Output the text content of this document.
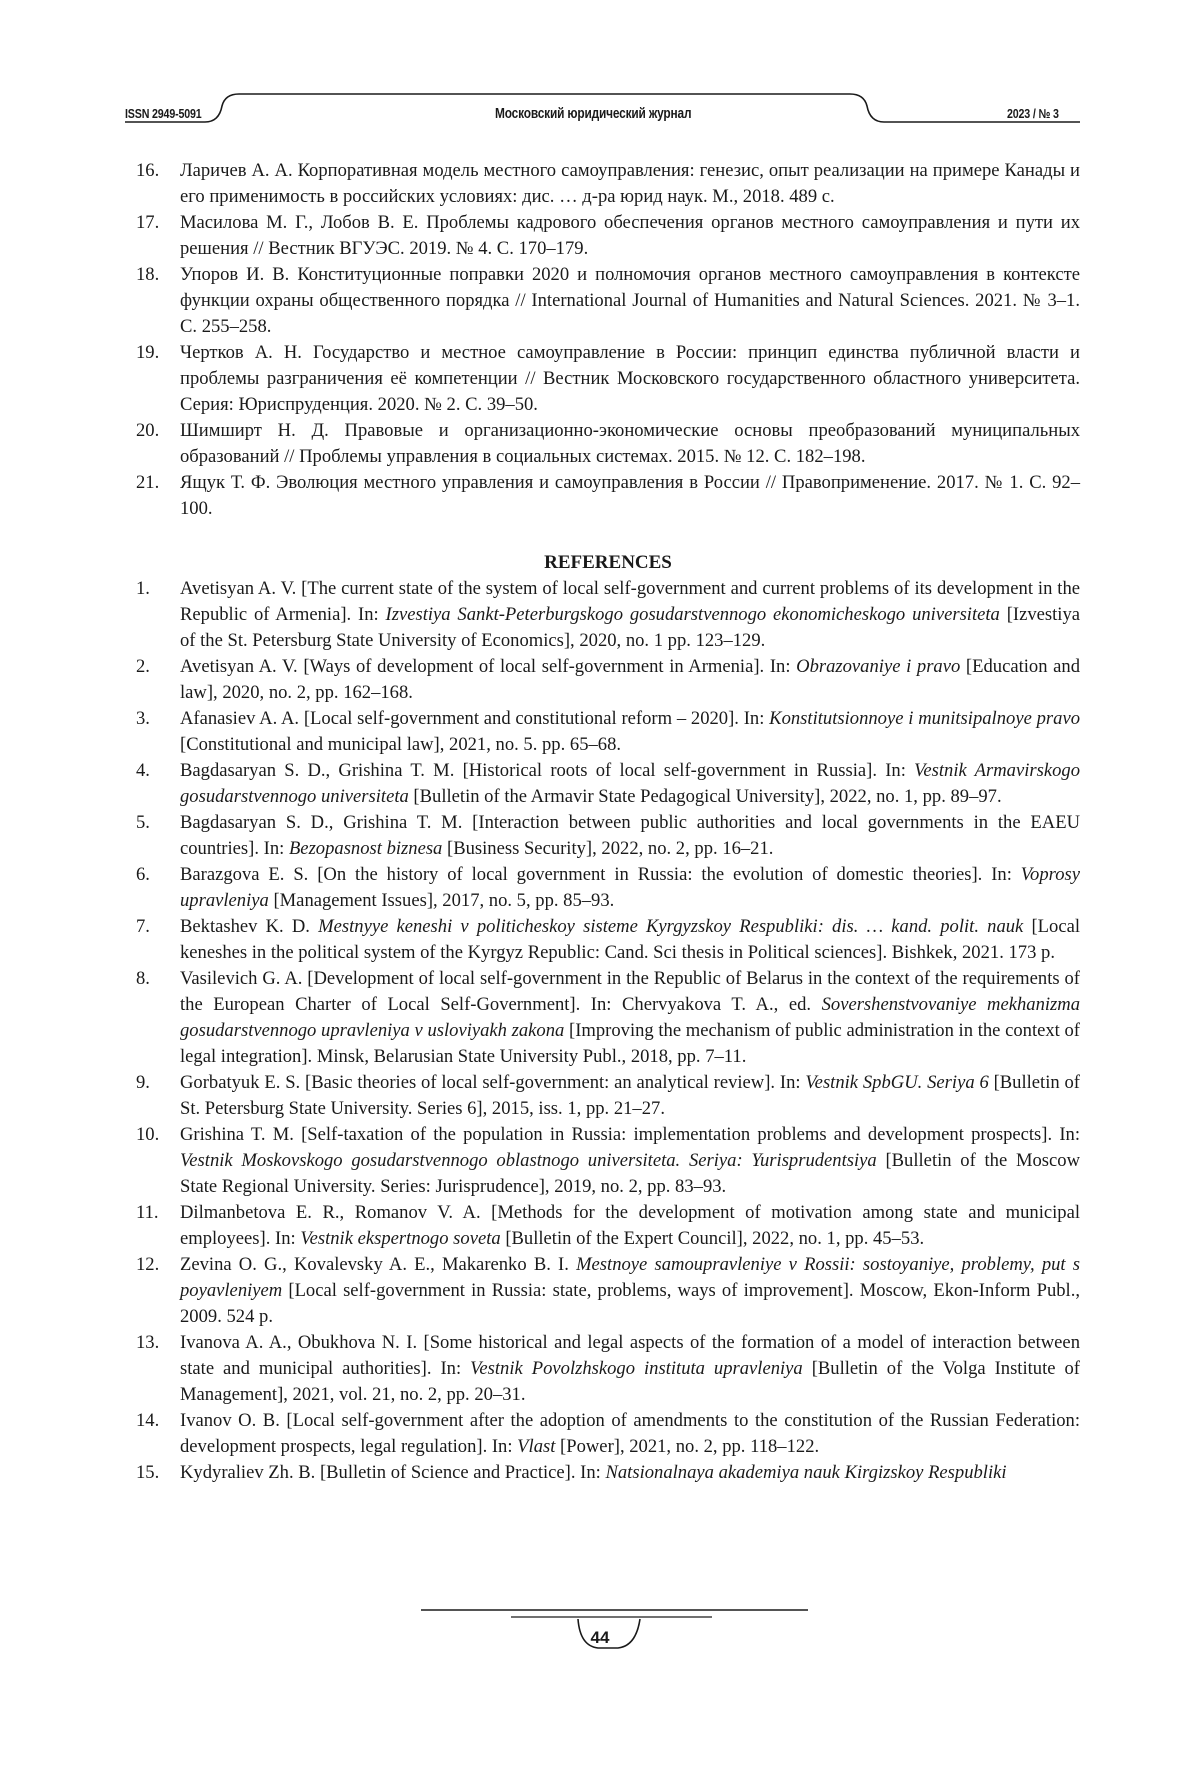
ISSN 2949-5091	Московский юридический журнал	2023 / № 3
16.	Ларичев А. А. Корпоративная модель местного самоуправления: генезис, опыт реализации на примере Канады и его применимость в российских условиях: дис. … д-ра юрид наук. М., 2018. 489 с.
17.	Масилова М. Г., Лобов В. Е. Проблемы кадрового обеспечения органов местного самоуправления и пути их решения // Вестник ВГУЭС. 2019. № 4. С. 170–179.
18.	Упоров И. В. Конституционные поправки 2020 и полномочия органов местного самоуправления в контексте функции охраны общественного порядка // International Journal of Humanities and Natural Sciences. 2021. № 3–1. С. 255–258.
19.	Чертков А. Н. Государство и местное самоуправление в России: принцип единства публичной власти и проблемы разграничения её компетенции // Вестник Московского государственного областного университета. Серия: Юриспруденция. 2020. № 2. С. 39–50.
20.	Шимширт Н. Д. Правовые и организационно-экономические основы преобразований муниципальных образований // Проблемы управления в социальных системах. 2015. № 12. С. 182–198.
21.	Ящук Т. Ф. Эволюция местного управления и самоуправления в России // Правоприменение. 2017. № 1. С. 92–100.
REFERENCES
1.	Avetisyan A. V. [The current state of the system of local self-government and current problems of its development in the Republic of Armenia]. In: Izvestiya Sankt-Peterburgskogo gosudarstvennogo ekonomicheskogo universiteta [Izvestiya of the St. Petersburg State University of Economics], 2020, no. 1 pp. 123–129.
2.	Avetisyan A. V. [Ways of development of local self-government in Armenia]. In: Obrazovaniye i pravo [Education and law], 2020, no. 2, pp. 162–168.
3.	Afanasiev A. A. [Local self-government and constitutional reform – 2020]. In: Konstitutsionnoye i munitsipalnoye pravo [Constitutional and municipal law], 2021, no. 5. pp. 65–68.
4.	Bagdasaryan S. D., Grishina T. M. [Historical roots of local self-government in Russia]. In: Vestnik Armavirskogo gosudarstvennogo universiteta [Bulletin of the Armavir State Pedagogical University], 2022, no. 1, pp. 89–97.
5.	Bagdasaryan S. D., Grishina T. M. [Interaction between public authorities and local governments in the EAEU countries]. In: Bezopasnost biznesa [Business Security], 2022, no. 2, pp. 16–21.
6.	Barazgova E. S. [On the history of local government in Russia: the evolution of domestic theories]. In: Voprosy upravleniya [Management Issues], 2017, no. 5, pp. 85–93.
7.	Bektashev K. D. Mestnyye keneshi v politicheskoy sisteme Kyrgyzskoy Respubliki: dis. … kand. polit. nauk [Local keneshes in the political system of the Kyrgyz Republic: Cand. Sci thesis in Political sciences]. Bishkek, 2021. 173 p.
8.	Vasilevich G. A. [Development of local self-government in the Republic of Belarus in the context of the requirements of the European Charter of Local Self-Government]. In: Chervyakova T. A., ed. Sovershenstvovaniye mekhanizma gosudarstvennogo upravleniya v usloviyakh zakona [Improving the mechanism of public administration in the context of legal integration]. Minsk, Belarusian State University Publ., 2018, pp. 7–11.
9.	Gorbatyuk E. S. [Basic theories of local self-government: an analytical review]. In: Vestnik SpbGU. Seriya 6 [Bulletin of St. Petersburg State University. Series 6], 2015, iss. 1, pp. 21–27.
10.	Grishina T. M. [Self-taxation of the population in Russia: implementation problems and development prospects]. In: Vestnik Moskovskogo gosudarstvennogo oblastnogo universiteta. Seriya: Yurisprudentsiya [Bulletin of the Moscow State Regional University. Series: Jurisprudence], 2019, no. 2, pp. 83–93.
11.	Dilmanbetova E. R., Romanov V. A. [Methods for the development of motivation among state and municipal employees]. In: Vestnik ekspertnogo soveta [Bulletin of the Expert Council], 2022, no. 1, pp. 45–53.
12.	Zevina O. G., Kovalevsky A. E., Makarenko B. I. Mestnoye samoupravleniye v Rossii: sostoyaniye, problemy, put s poyavleniyem [Local self-government in Russia: state, problems, ways of improvement]. Moscow, Ekon-Inform Publ., 2009. 524 p.
13.	Ivanova A. A., Obukhova N. I. [Some historical and legal aspects of the formation of a model of interaction between state and municipal authorities]. In: Vestnik Povolzhskogo instituta upravleniya [Bulletin of the Volga Institute of Management], 2021, vol. 21, no. 2, pp. 20–31.
14.	Ivanov O. B. [Local self-government after the adoption of amendments to the constitution of the Russian Federation: development prospects, legal regulation]. In: Vlast [Power], 2021, no. 2, pp. 118–122.
15.	Kydyraliev Zh. B. [Bulletin of Science and Practice]. In: Natsionalnaya akademiya nauk Kirgizskoy Respubliki
44
